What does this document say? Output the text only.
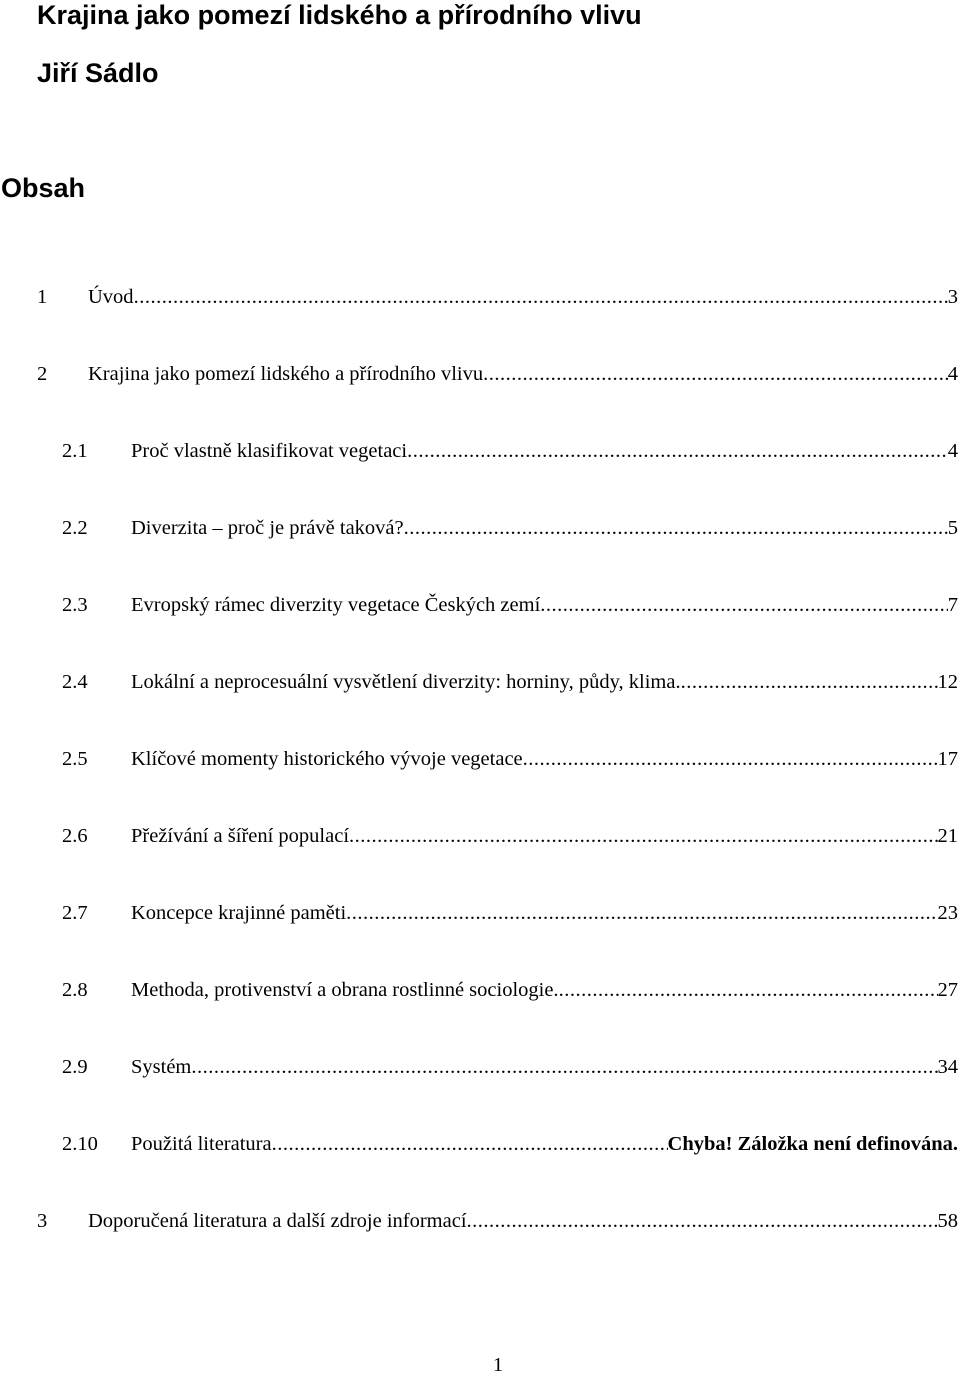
Krajina jako pomezí lidského a přírodního vlivu
Jiří Sádlo
Obsah
1 Úvod .....	3
2 Krajina jako pomezí lidského a přírodního vlivu .....	4
2.1 Proč vlastně klasifikovat vegetaci .....	4
2.2 Diverzita – proč je právě taková? .....	5
2.3 Evropský rámec diverzity vegetace Českých zemí .....	7
2.4 Lokální a neprocesuální vysvětlení diverzity: horniny, půdy, klima. .....	12
2.5 Klíčové momenty historického vývoje vegetace .....	17
2.6 Přežívání a šíření populací .....	21
2.7 Koncepce krajinné paměti .....	23
2.8 Methoda, protivenství a obrana rostlinné sociologie. .....	27
2.9 Systém .....	34
2.10 Použitá literatura .....	Chyba! Záložka není definována.
3 Doporučená literatura a další zdroje informací .....	58
1
